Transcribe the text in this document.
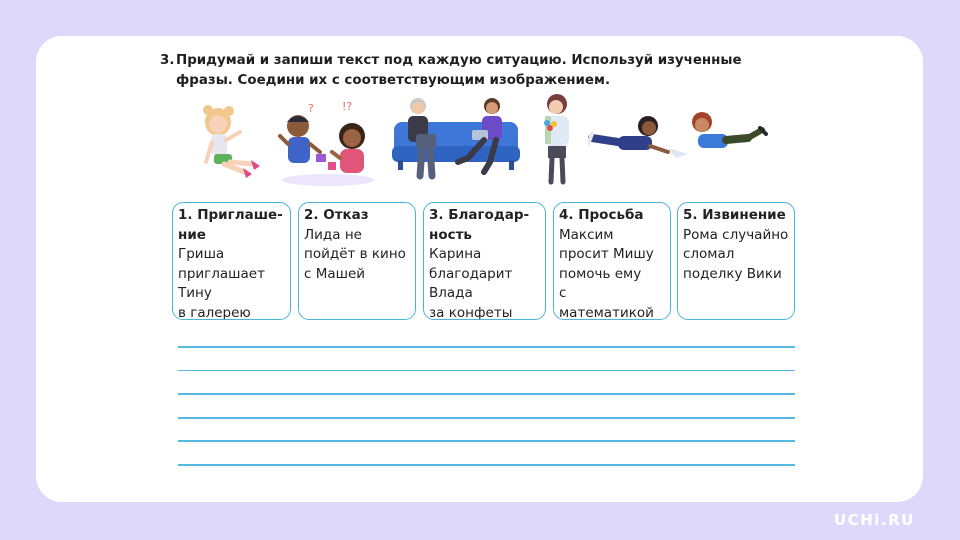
3. Придумай и запиши текст под каждую ситуацию. Используй изученные фразы. Соедини их с соответствующим изображением.
?	!?
1. Приглаше-
ние
Гриша
приглашает
Тину
в галерею
2. Отказ
Лида не
пойдёт в кино
с Машей
3. Благодар-
ность
Карина
благодарит
Влада
за конфеты
4. Просьба
Максим
просит Мишу
помочь ему
с математикой
5. Извинение
Рома случайно
сломал
поделку Вики
UCHi.RU
